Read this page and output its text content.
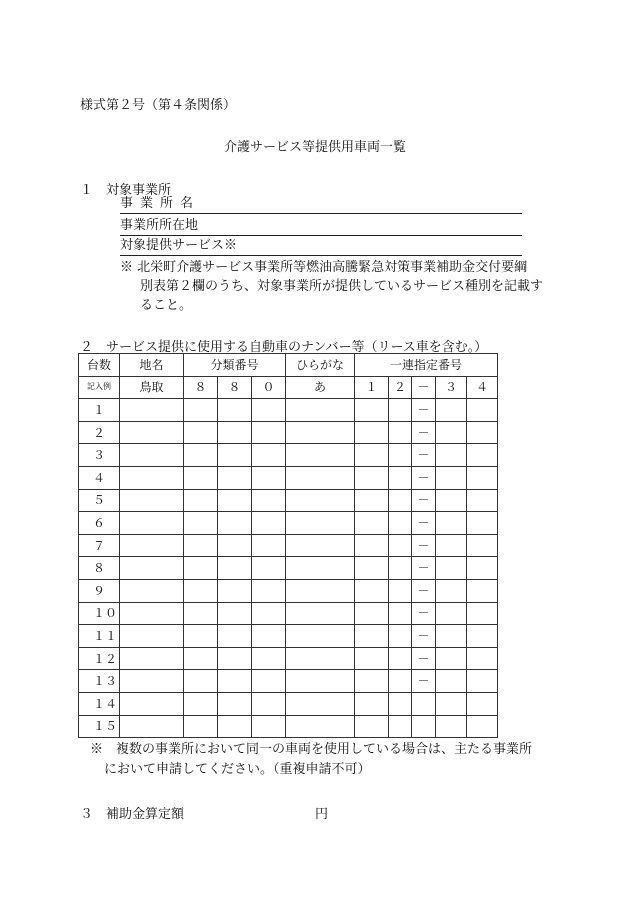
様式第２号（第４条関係）
介護サービス等提供用車両一覧
１　対象事業所
事業所名
事業所所在地
対象提供サービス※
※ 北栄町介護サービス事業所等燃油高騰緊急対策事業補助金交付要綱
別表第２欄のうち、対象事業所が提供しているサービス種別を記載す
ること。
２　サービス提供に使用する自動車のナンバー等（リース車を含む。）
台数	地名	分類番号			ひらがな	一連指定番号				
記入例	鳥取	８	８	０	あ	１	２	－	３	４
１								－		
２								－		
３								－		
４								－		
５								－		
６								－		
７								－		
８								－		
９								－		
１０								－		
１１								－		
１２								－		
１３								－		
１４										
１５										
※　複数の事業所において同一の車両を使用している場合は、主たる事業所
において申請してください。（重複申請不可）
３　補助金算定額	円
